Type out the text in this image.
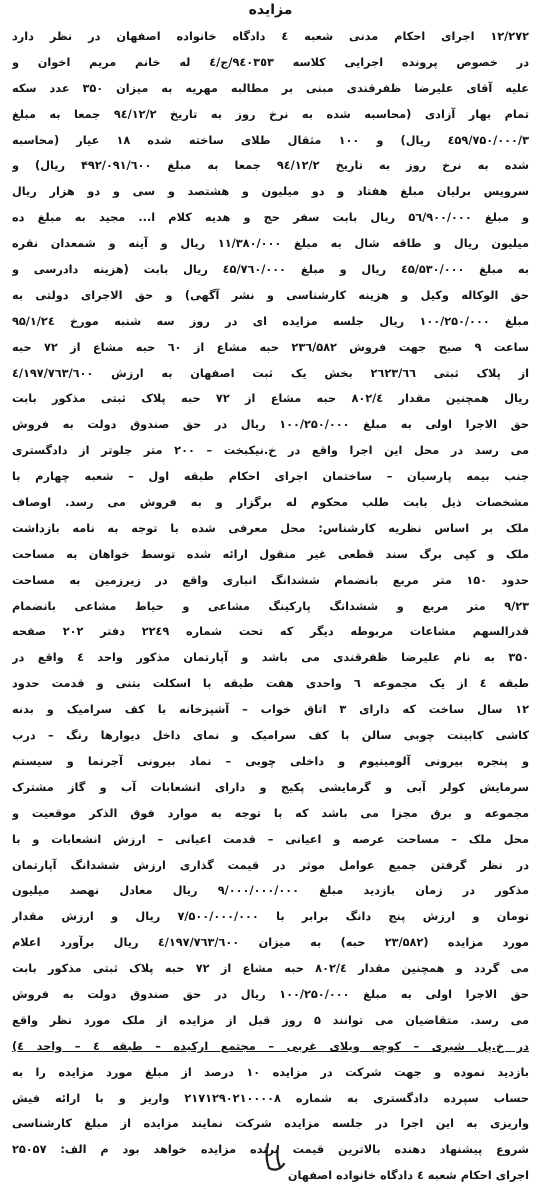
مزایده
۱۲/۲۷۲ اجرای احکام مدنی شعبه ٤ دادگاه خانواده اصفهان در نظر دارد
در خصوص پرونده اجرایی کلاسه ۹٤٠٣٥٣/ج/٤ له خانم مریم اخوان و
علیه آقای علیرضا ظفرقندی مبنی بر مطالبه مهریه به میزان ۳۵۰ عدد سکه
تمام بهار آزادی (محاسبه شده به نرخ روز به تاریخ ۹٤/۱۲/۲ جمعا به مبلغ
۳/٤۵۹/۷۵۰/۰۰۰ ریال) و ۱۰۰ مثقال طلای ساخته شده ۱۸ عیار (محاسبه
شده به نرخ روز به تاریخ ۹٤/۱۲/۲ جمعا به مبلغ ۴۹۲/۰۹۱/٦۰۰ ریال) و
سرویس برلیان مبلغ هفتاد و دو میلیون و هشتصد و سی و دو هزار ریال
و مبلغ ۵٦/۹۰۰/۰۰۰ ریال بابت سفر حج و هدیه کلام ا... مجید به مبلغ ده
میلیون ریال و طاقه شال به مبلغ ۱۱/۳۸۰/۰۰۰ ریال و آینه و شمعدان نقره
به مبلغ ٤۵/۵۳۰/۰۰۰ ریال و مبلغ ٤۵/۷٦۰/۰۰۰ ریال بابت (هزینه دادرسی و
حق الوکاله وکیل و هزینه کارشناسی و نشر آگهی) و حق الاجرای دولتی به
مبلغ ۱۰۰/۲۵۰/۰۰۰ ریال جلسه مزایده ای در روز سه شنبه مورخ ۹۵/۱/۲٤
ساعت ۹ صبح جهت فروش ۲۳٦/۵۸۲ حبه مشاع از ٦۰ حبه مشاع از ۷۲ حبه
از پلاک ثبتی ۲٦۲۳/٦٦ بخش یک ثبت اصفهان به ارزش ٤/۱۹۷/۷٦۳/٦۰۰
ریال همچنین مقدار ۸۰۲/٤ حبه مشاع از ۷۲ حبه پلاک ثبتی مذکور بابت
حق الاجرا اولی به مبلغ ۱۰۰/۲۵۰/۰۰۰ ریال در حق صندوق دولت به فروش
می رسد در محل این اجرا واقع در خ.نیکبخت – ۲۰۰ متر جلوتر از دادگستری
جنب بیمه پارسیان – ساختمان اجرای احکام طبقه اول – شعبه چهارم با
مشخصات ذیل بابت طلب محکوم له برگزار و به فروش می رسد. اوصاف
ملک بر اساس نظریه کارشناس: محل معرفی شده با توجه به نامه بازداشت
ملک و کپی برگ سند قطعی غیر منقول ارائه شده توسط خواهان به مساحت
حدود ۱۵۰ متر مربع بانضمام ششدانگ انباری واقع در زیرزمین به مساحت
۹/۲۳ متر مربع و ششدانگ پارکینگ مشاعی و حیاط مشاعی بانضمام
قدرالسهم مشاعات مربوطه دیگر که تحت شماره ۲۲٤۹ دفتر ۲۰۲ صفحه
۳۵۰ به نام علیرضا ظفرقندی می باشد و آپارتمان مذکور واحد ٤ واقع در
طبقه ٤ از یک مجموعه ٦ واحدی هفت طبقه با اسکلت بتنی و قدمت حدود
۱۲ سال ساخت که دارای ۳ اتاق خواب – آشپزخانه با کف سرامیک و بدنه
کاشی کابینت چوبی سالن با کف سرامیک و نمای داخل دیوارها رنگ – درب
و پنجره بیرونی آلومینیوم و داخلی چوبی – نماد بیرونی آجرنما و سیستم
سرمایش کولر آبی و گرمایشی پکیج و دارای انشعابات آب و گاز مشترک
مجموعه و برق مجزا می باشد که با توجه به موارد فوق الذکر موقعیت و
محل ملک – مساحت عرصه و اعیانی – قدمت اعیانی – ارزش انشعابات و با
در نظر گرفتن جمیع عوامل موثر در قیمت گذاری ارزش ششدانگ آپارتمان
مذکور در زمان بازدید مبلغ ۹/۰۰۰/۰۰۰/۰۰۰ ریال معادل نهصد میلیون
تومان و ارزش پنج دانگ برابر با ۷/۵۰۰/۰۰۰/۰۰۰ ریال و ارزش مقدار
مورد مزایده (۲۳/۵۸۲ حبه) به میزان ٤/۱۹۷/۷٦۳/٦۰۰ ریال برآورد اعلام
می گردد و همچنین مقدار ۸۰۲/٤ حبه مشاع از ۷۲ حبه پلاک ثبتی مذکور بابت
حق الاجرا اولی به مبلغ ۱۰۰/۲۵۰/۰۰۰ ریال در حق صندوق دولت به فروش
می رسد. متقاضیان می توانند ۵ روز قبل از مزایده از ملک مورد نظر واقع
در خ.پل شیری – کوچه ویلای غربی – مجتمع ارکیده – طبقه ٤ – واحد ٤)
بازدید نموده و جهت شرکت در مزایده ۱۰ درصد از مبلغ مورد مزایده را به
حساب سپرده دادگستری به شماره ۲۱۷۱۲۹۰۲۱۰۰۰۰۸ واریز و با ارائه فیش
واریزی به این اجرا در جلسه مزایده شرکت نمایند مزایده از مبلغ کارشناسی
شروع پیشنهاد دهنده بالاترین قیمت برنده مزایده خواهد بود م الف: ۲۵۰۵۷
اجرای احکام شعبه ٤ دادگاه خانواده اصفهان
